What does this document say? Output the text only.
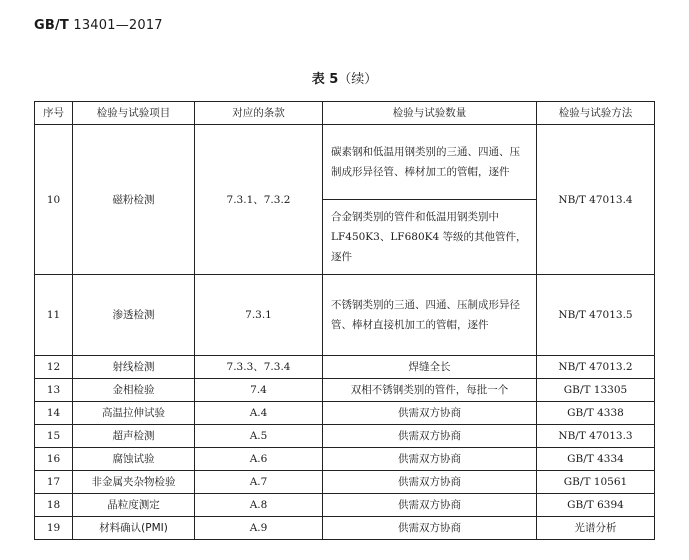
GB/T 13401—2017
表 5（续）
序号	检验与试验项目	对应的条款	检验与试验数量	检验与试验方法
10	磁粉检测	7.3.1、7.3.2	碳素钢和低温用钢类别的三通、四通、压制成形异径管、棒材加工的管帽，逐件	NB/T 47013.4
			合金钢类别的管件和低温用钢类别中 LF450K3、LF680K4 等级的其他管件，逐件	
11	渗透检测	7.3.1	不锈钢类别的三通、四通、压制成形异径管、棒材直接机加工的管帽，逐件	NB/T 47013.5
12	射线检测	7.3.3、7.3.4	焊缝全长	NB/T 47013.2
13	金相检验	7.4	双相不锈钢类别的管件，每批一个	GB/T 13305
14	高温拉伸试验	A.4	供需双方协商	GB/T 4338
15	超声检测	A.5	供需双方协商	NB/T 47013.3
16	腐蚀试验	A.6	供需双方协商	GB/T 4334
17	非金属夹杂物检验	A.7	供需双方协商	GB/T 10561
18	晶粒度测定	A.8	供需双方协商	GB/T 6394
19	材料确认(PMI)	A.9	供需双方协商	光谱分析
